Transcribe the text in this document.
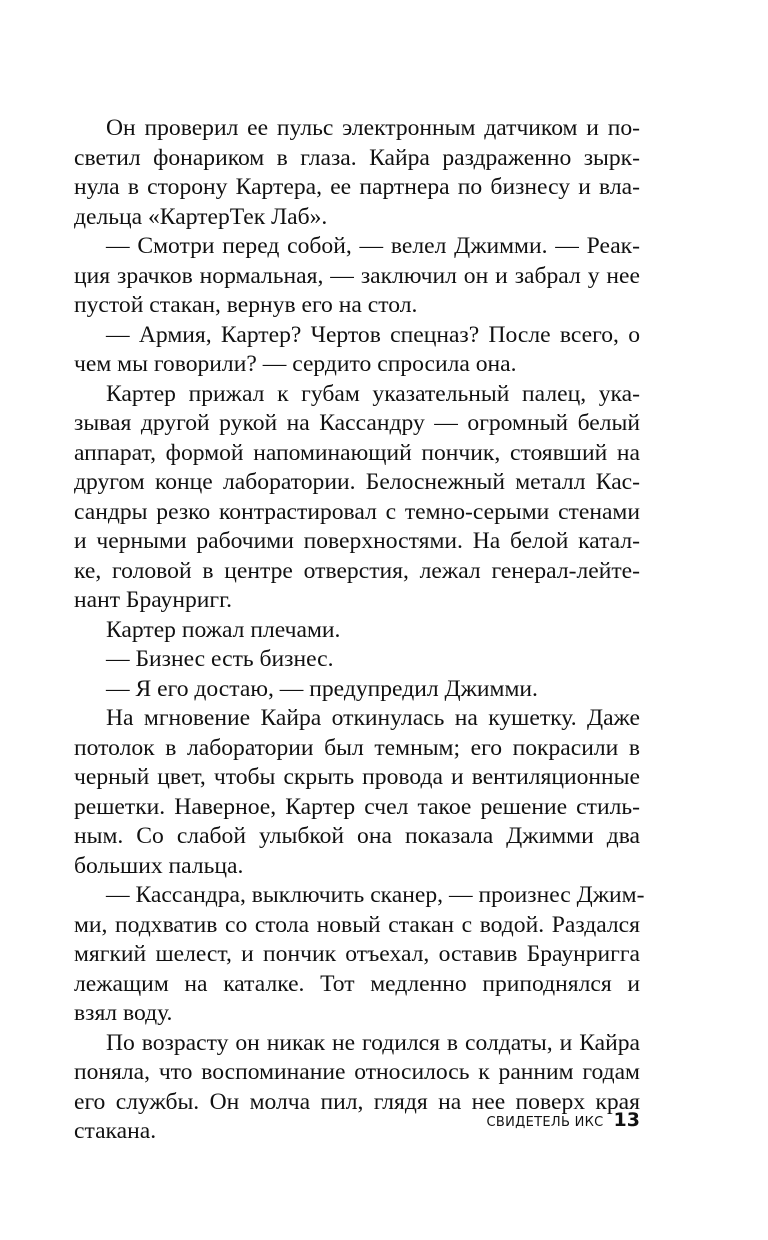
Он проверил ее пульс электронным датчиком и по-
светил фонариком в глаза. Кайра раздраженно зырк-
нула в сторону Картера, ее партнера по бизнесу и вла-
дельца «КартерТек Лаб».
— Смотри перед собой, — велел Джимми. — Реак-
ция зрачков нормальная, — заключил он и забрал у нее
пустой стакан, вернув его на стол.
— Армия, Картер? Чертов спецназ? После всего, о
чем мы говорили? — сердито спросила она.
Картер прижал к губам указательный палец, ука-
зывая другой рукой на Кассандру — огромный белый
аппарат, формой напоминающий пончик, стоявший на
другом конце лаборатории. Белоснежный металл Кас-
сандры резко контрастировал с темно-серыми стенами
и черными рабочими поверхностями. На белой катал-
ке, головой в центре отверстия, лежал генерал-лейте-
нант Браунригг.
Картер пожал плечами.
— Бизнес есть бизнес.
— Я его достаю, — предупредил Джимми.
На мгновение Кайра откинулась на кушетку. Даже
потолок в лаборатории был темным; его покрасили в
черный цвет, чтобы скрыть провода и вентиляционные
решетки. Наверное, Картер счел такое решение стиль-
ным. Со слабой улыбкой она показала Джимми два
больших пальца.
— Кассандра, выключить сканер, — произнес Джим-
ми, подхватив со стола новый стакан с водой. Раздался
мягкий шелест, и пончик отъехал, оставив Браунригга
лежащим на каталке. Тот медленно приподнялся и
взял воду.
По возрасту он никак не годился в солдаты, и Кайра
поняла, что воспоминание относилось к ранним годам
его службы. Он молча пил, глядя на нее поверх края
стакана.	СВИДЕТЕЛЬ ИКС 13
